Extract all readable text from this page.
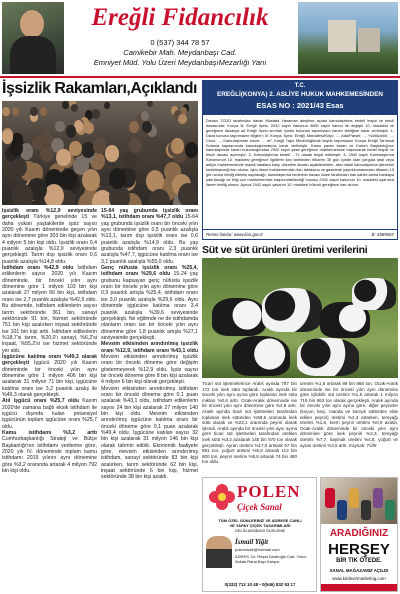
Ereğli Fidancılık
0 (537) 344 78 57
Camikebir Mah. Meydanbaşı Cad.
Emniyet Müd. Yolu Üzeri MeydanbaşıMezarlığı Yanı
İşsizlik Rakamları,Açıklandı

İşsizlik oranı %12,9 seviyesinde gerçekleşti Türkiye genelinde 15 ve daha yukarı yaştakilerde işsiz sayısı 2020 yılı Kasım döneminde geçen yılın aynı dönemine göre 303 bin kişi azalarak 4 milyon 5 bin kişi oldu. İşsizlik oranı 0,4 puanlık azalışla %12,9 seviyesinde gerçekleşti. Tarım dışı işsizlik oranı 0,6 puanlık azalışla %14,8 oldu.

İstihdam oranı %42,9 oldu İstihdam edilenlerin sayısı 2020 yılı Kasım döneminde, bir önceki yılın aynı dönemine göre 1 milyon 103 bin kişi azalarak 27 milyon 66 bin kişi, istihdam oranı ise 2,7 puanlık azalışla %42,9 oldu. Bu dönemde, istihdam edilenlerin sayısı tarım sektöründe 361 bin, sanayi sektöründe 91 bin, hizmet sektöründe 751 bin kişi azalırken inşaat sektöründe ise 101 bin kişi arttı. İstihdam edilenlerin %18,7'si tarım, %20,0'ı sanayi, %6,2'si inşaat, %55,2'si ise hizmet sektöründe yer aldı.

İşgücüne katılma oranı %49,3 olarak gerçekleşti İşgücü 2020 yılı Kasım döneminde bir önceki yılın aynı dönemine göre 1 milyon 406 bin kişi azalarak 31 milyon 71 bin kişi, işgücüne katılma oranı ise 3,2 puanlık azalış ile %49,3 olarak gerçekleşti.

Atıl işgücü oranı %25,7 oldu Kasım 2020'de zamana bağlı eksik istihdam ile işgücü dışında kalan potansiyel işgücünün toplam işgücüne oranı %25,7 oldu.

Kamu istihdamı %3,2 arttı Cumhurbaşkanlığı Strateji ve Bütçe Başkanlığı'nın istihdamı verilerine göre, 2020 yılı IV. döneminde toplam kamu istihdamı 2019 yılının aynı dönemine göre %3,2 oranında artarak 4 milyon 792 bin kişi oldu.

15-64 yaş grubunda işsizlik oranı %13,1, istihdam oranı %47,7 oldu 15-64 yaş grubunda işsizlik oranı bir önceki yılın aynı dönemine göre 0,5 puanlık azalışla %13,1, tarım dışı işsizlik oranı ise 0,6 puanlık azalışla %14,9 oldu. Bu yaş grubunda istihdam oranı 2,3 puanlık azalışla %47,7, işgücüne katılma oranı ise 3,1 puanlık azalışla %55,0 oldu.

Genç nüfusta işsizlik oranı %25,4, istihdam oranı %29,6 oldu 15-24 yaş grubunu kapsayan genç nüfusta işsizlik oranı bir önceki yılın aynı dönemine göre 0,9 puanlık artışla %25,4, istihdam oranı ise 3,0 puanlık azalışla %29,6 oldu. Aynı dönemde işgücüne katılma oranı 3,4 puanlık azalışla %39,6 seviyesinde gerçekleşti. Ne eğitimde ne de istihdamda olanların oranı ise bir önceki yılın aynı dönemine göre 1,8 puanlık artışla %27,1 seviyesinde gerçekleşti.

Mevsim etkisinden arındırılmış işsizlik oranı %12,9, istihdam oranı %43,1 oldu Mevsim etkisinden arındırılmış işsizlik oranı bir önceki döneme göre değişim göstermeyerek %12,9 oldu. İşsiz sayısı bir önceki döneme göre 8 bin kişi azalarak 4 milyon 6 bin kişi olarak gerçekleşti.

Mevsim etkisinden arındırılmış istihdam oranı bir önceki döneme göre 0,1 puan azalarak %43,1 oldu, istihdam edilenlerin sayısı 24 bin kişi azalarak 27 milyon 140 bin kişi oldu. Mevsim etkisinden arındırılmış işgücüne katılma oranı bir önceki döneme göre 0,1 puan azalarak %49,4 oldu. İşgücüne katılan sayısı 32 bin kişi azalarak 31 milyon 146 bin kişi olarak tahmin edildi. Ekonomik faaliyete göre, mevsim etkisinden arındırılmış istihdam, sanayi sektöründe 83 bin kişi azalırken, tarım sektöründe 62 bin kişi, inşaat sektöründe 6 bin kişi, hizmet sektöründe 38 bin kişi azaldı.

T.C.
EREĞLİ(KONYA) 2. ASLİYE HUKUK MAHKEMESİNDEN
ESAS NO : 2021/43 Esas
Davacı TCDD tarafından davalı Mustafa Yanaman aleyhine açılan kamulaştırma bedeli tespit ve tescil davasında; Konya İli, Ereğli İlçesi, 2942 sayılı kanunun 4650 sayılı kanun ile değişik 10. maddesi ve gereğince davalıya ait Ereğli İlçesi sınırları içinde bulunan taşınmazın ilanen tebliğine karar verilmiştir. 1- Dava konusu taşınmazın bilgileri; İli: Konya, İlçesi: Ereğli, Mahallesi/Köyü: ..., Ada/Parsel: ..., Yüzölçümü: ..., Cinsi: ..., Kamulaştırılan kısım: ... m², Ereğli Tapu Müdürlüğünde kayıtlı taşınmazın Konya Ereğli Tarımsal Sulama kapsamında kamulaştırmasına karar verilmiştir. Kamu yararı kararı ve Kurum Başkanlığının kamulaştırma kararı bulunduğundan 2942 sayılı yasa gereğince mahkememize başvurarak bedel tespiti ve tescil davası açılmıştır. 2- Kamulaştırma bedeli ...TL olarak tespit edilmiştir. 3- 2942 sayılı Kamulaştırma Kanununun 10. maddesi gereğince ilgililerin ilan tarihinden itibaren 30 gün içinde idari yargıda iptal veya adliye mahkemesinde maddi hatalara karşı düzeltim davası açabilecekleri, aksi halde kamulaştırma işleminin kesinleşeceği ilan olunur. İşbu ilanın mahkememizin ilan tahtasına ve gazetede yayınlanmasından itibaren 15 gün sonra tebliğ edilmiş sayılacağı, kamulaştırma bedelinin davacı idare tarafından hak sahibi adına bankaya yatırılacağı ve bilgi için mahkememize başvurulabileceği hususu 2942 sayılı kanunun 10. maddesi uyarınca ilanen tebliğ olunur. Ayrıca 2942 sayılı yasanın 10. maddesi hükmü gereğince ilan olunur.
Resmi ilanlar: www.ilan.gov.tr	B: 4589567
Süt ve süt ürünleri üretimi verilerini
Ticari süt işletmelerince Aralık ayında 787 bin 172 ton inek sütü toplandı. Aralık ayında bir önceki yılın aynı ayına göre toplanan inek sütü miktarı %0,6 arttı. Ocak-Aralık döneminde ise bir önceki yılın aynı dönemine göre %2,8 arttı. Aralık ayında ticari süt işletmeleri tarafından toplanan inek sütünden %58,6 oranında inek sütü olarak ve %23,1 oranında peynir olarak işlendi. Aralık ayında bir önceki yılın aynı ayına göre ticari süt işletmeleri tarafından üretilen inek sütü %3,2 azalarak 140 bin 970 ton olarak gerçekleşti. Ayran üretimi %17,0 artarak 67 bin 981 ton, yoğurt üretimi %5,9 artarak 113 bin 800 ton, peynir üretimi %9,8 artarak 74 bin 480 ton oldu.
üretimi %1,6 artarak 89 bin 868 ton. Ocak-Aralık döneminde ise bir önceki yılın aynı dönemine göre içilebilir süt üretimi %1,5 artarak 1 milyon 719 bin 963 ton olarak gerçekleşti. Aralık ayında bir önceki yılın aynı ayına göre, diğer peynirler (koyun, keçi, manda ve karışık sütlerden elde edilen peynir) üretimi %2,4 artarken, tereyağı üretimi %1,8, krem peynir üretimi %0,9 azaldı. Ocak-Aralık döneminde bir önceki yılın aynı dönemine göre inek peyniri %2,3, tereyağı üretimi %7,7, kaymak üretimi %4,8, yoğurt ve ayran üretimi %3,5 arttı. Kaynak: TÜİK
POLEN
Çiçek Sanal
TÜM ÖZEL GÜNLERİNİZ VE ADRESE CANLI
VE YAPAY ÇİÇEK TASARIMLARI
GELİN ARABASI SÜSLEME
İsmail Yiğit
polencicek@hotmail.com
ADRES: Dr. Reşat Dedeoğlu Cad. Yıkıcı Sokak Rana Bayı Karşısı
0(332) 712 10 48 • 0(546) 832 53 17
ARADIĞINIZ
HERŞEY
BİR TIK ÖTEDE.
SANAL MAĞAZAMIZ AÇILDI
www.kirdevirmarketing.com
